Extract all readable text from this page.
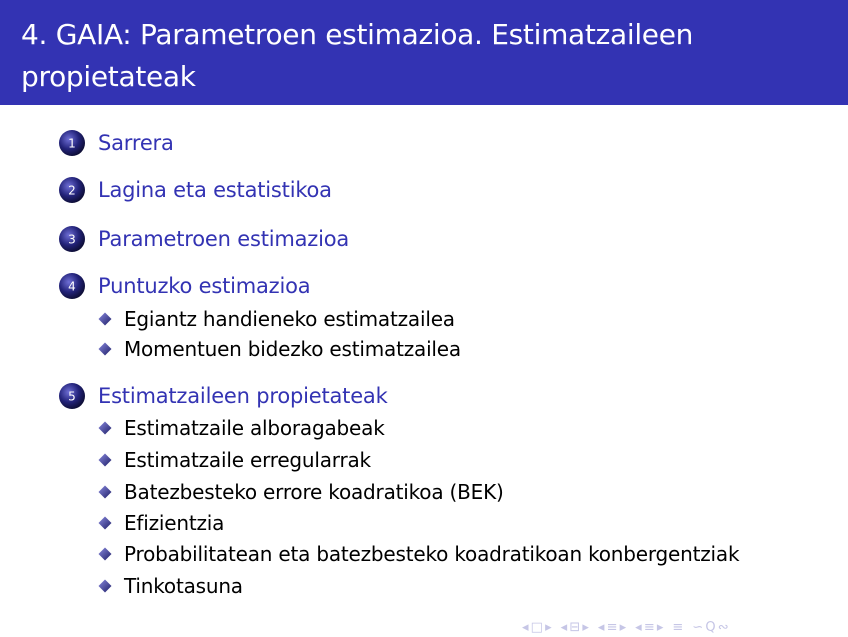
4. GAIA: Parametroen estimazioa. Estimatzaileen propietateak
1 Sarrera
2 Lagina eta estatistikoa
3 Parametroen estimazioa
4 Puntuzko estimazioa
Egiantz handieneko estimatzailea
Momentuen bidezko estimatzailea
5 Estimatzaileen propietateak
Estimatzaile alboragabeak
Estimatzaile erregularrak
Batezbesteko errore koadratikoa (BEK)
Efizientzia
Probabilitatean eta batezbesteko koadratikoan konbergentziak
Tinkotasuna
◂ □ ▸ ◂ ⊟ ▸ ◂ ≡ ▸ ◂ ≡ ▸ ≡ ∽ Q ∾
